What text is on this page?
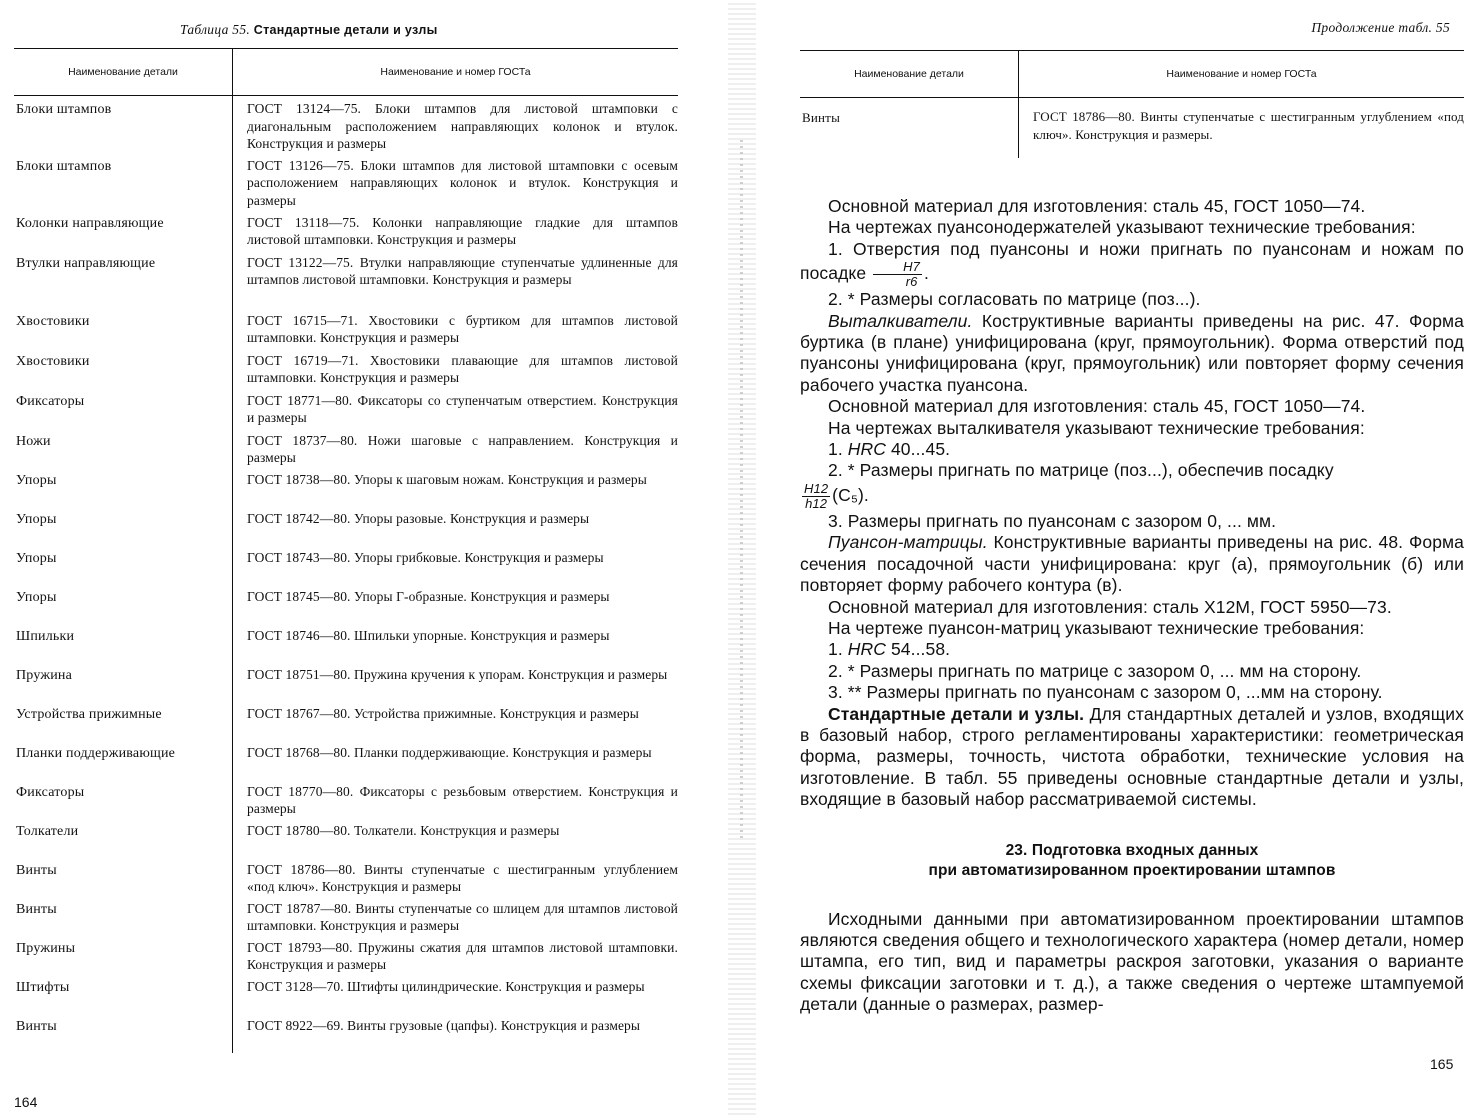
Таблица 55. Стандартные детали и узлы
Наименование детали	Наименование и номер ГОСТа
Блоки штампов	ГОСТ 13124—75. Блоки штампов для листовой штамповки с диагональным расположением направляющих колонок и втулок. Конструкция и размеры
Блоки штампов	ГОСТ 13126—75. Блоки штампов для листовой штамповки с осевым расположением направляющих колонок и втулок. Конструкция и размеры
Колонки направляющие	ГОСТ 13118—75. Колонки направляющие гладкие для штампов листовой штамповки. Конструкция и размеры
Втулки направляющие	ГОСТ 13122—75. Втулки направляющие ступенчатые удлиненные для штампов листовой штамповки. Конструкция и размеры
Хвостовики	ГОСТ 16715—71. Хвостовики с буртиком для штампов листовой штамповки. Конструкция и размеры
Хвостовики	ГОСТ 16719—71. Хвостовики плавающие для штампов листовой штамповки. Конструкция и размеры
Фиксаторы	ГОСТ 18771—80. Фиксаторы со ступенчатым отверстием. Конструкция и размеры
Ножи	ГОСТ 18737—80. Ножи шаговые с направлением. Конструкция и размеры
Упоры	ГОСТ 18738—80. Упоры к шаговым ножам. Конструкция и размеры
Упоры	ГОСТ 18742—80. Упоры разовые. Конструкция и размеры
Упоры	ГОСТ 18743—80. Упоры грибковые. Конструкция и размеры
Упоры	ГОСТ 18745—80. Упоры Г-образные. Конструкция и размеры
Шпильки	ГОСТ 18746—80. Шпильки упорные. Конструкция и размеры
Пружина	ГОСТ 18751—80. Пружина кручения к упорам. Конструкция и размеры
Устройства прижимные	ГОСТ 18767—80. Устройства прижимные. Конструкция и размеры
Планки поддерживающие	ГОСТ 18768—80. Планки поддерживающие. Конструкция и размеры
Фиксаторы	ГОСТ 18770—80. Фиксаторы с резьбовым отверстием. Конструкция и размеры
Толкатели	ГОСТ 18780—80. Толкатели. Конструкция и размеры
Винты	ГОСТ 18786—80. Винты ступенчатые с шестигранным углублением «под ключ». Конструкция и размеры
Винты	ГОСТ 18787—80. Винты ступенчатые со шлицем для штампов листовой штамповки. Конструкция и размеры
Пружины	ГОСТ 18793—80. Пружины сжатия для штампов листовой штамповки. Конструкция и размеры
Штифты	ГОСТ 3128—70. Штифты цилиндрические. Конструкция и размеры
Винты	ГОСТ 8922—69. Винты грузовые (цапфы). Конструкция и размеры
164
Продолжение табл. 55
Наименование детали	Наименование и номер ГОСТа
Винты	ГОСТ 18786—80. Винты ступенчатые с шестигранным углублением «под ключ». Конструкция и размеры.

Основной материал для изготовления: сталь 45, ГОСТ 1050—74.

На чертежах пуансонодержателей указывают технические требования:

1. Отверстия под пуансоны и ножи пригнать по пуансонам и ножам по посадке $\frac{H7}{r6}$ .

2. * Размеры согласовать по матрице (поз...).

Выталкиватели. Коструктивные варианты приведены на рис. 47. Форма буртика (в плане) унифицирована (круг, прямоугольник). Форма отверстий под пуансоны унифицирована (круг, прямоугольник) или повторяет форму сечения рабочего участка пуансона.

Основной материал для изготовления: сталь 45, ГОСТ 1050—74.

На чертежах выталкивателя указывают технические требования:

1. HRC 40...45.

2. * Размеры пригнать по матрице (поз...), обеспечив посадку

$\frac{H12}{h12} (С_5)$.

3. Размеры пригнать по пуансонам с зазором 0, ... мм.

Пуансон-матрицы. Конструктивные варианты приведены на рис. 48. Форма сечения посадочной части унифицирована: круг (а), прямоугольник (б) или повторяет форму рабочего контура (в).

Основной материал для изготовления: сталь Х12М, ГОСТ 5950—73.

На чертеже пуансон-матриц указывают технические требования:

1. HRC 54...58.

2. * Размеры пригнать по матрице с зазором 0, ... мм на сторону.

3. ** Размеры пригнать по пуансонам с зазором 0, ...мм на сторону.

Стандартные детали и узлы. Для стандартных деталей и узлов, входящих в базовый набор, строго регламентированы характеристики: геометрическая форма, размеры, точность, чистота обработки, технические условия на изготовление. В табл. 55 приведены основные стандартные детали и узлы, входящие в базовый набор рассматриваемой системы.

23. Подготовка входных данных
при автоматизированном проектировании штампов

Исходными данными при автоматизированном проектировании штампов являются сведения общего и технологического характера (номер детали, номер штампа, его тип, вид и параметры раскроя заготовки, указания о варианте схемы фиксации заготовки и т. д.), а также сведения о чертеже штампуемой детали (данные о размерах, размер-

165
